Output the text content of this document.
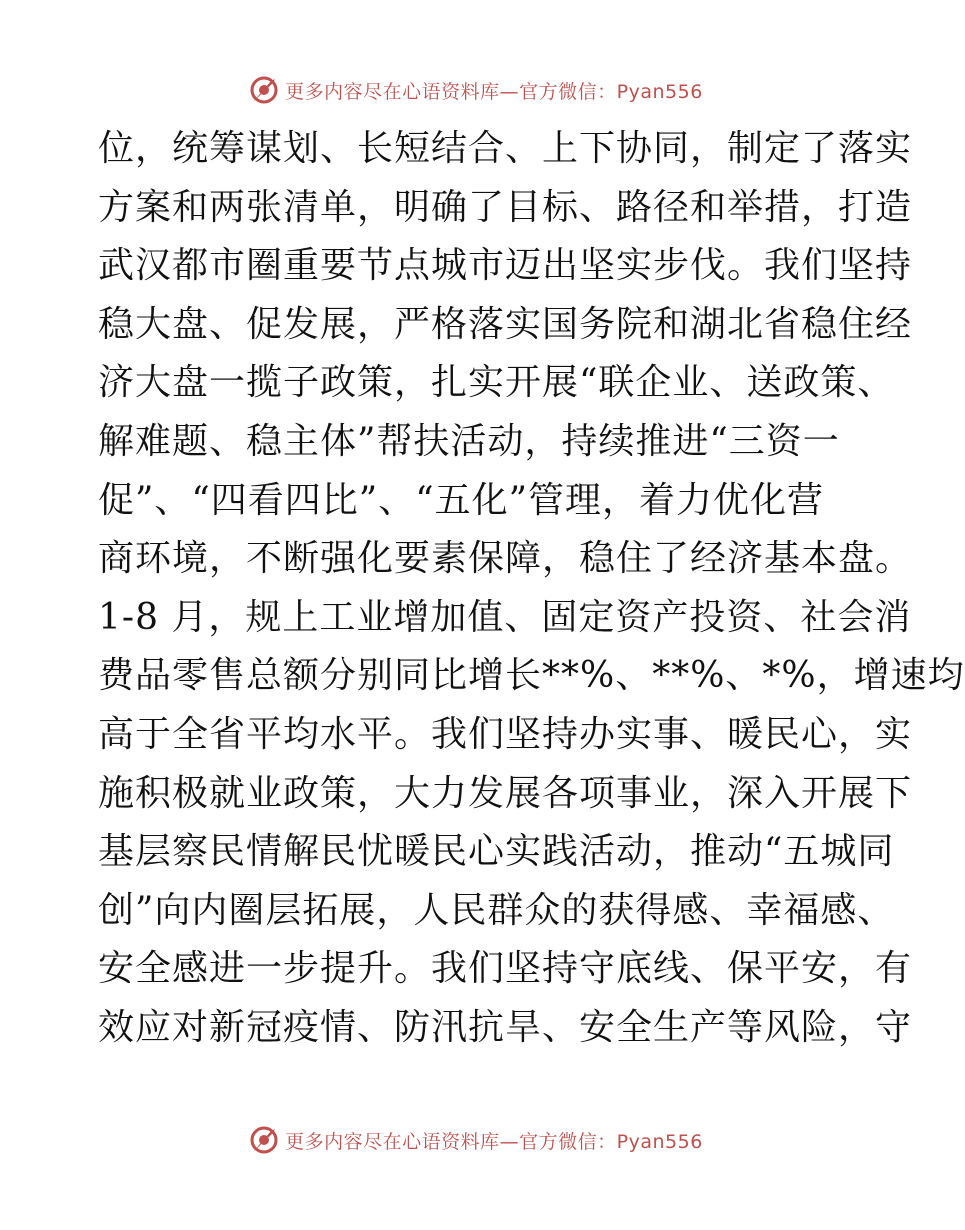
更多内容尽在心语资料库—官方微信：Pyan556
位，统筹谋划、长短结合、上下协同，制定了落实
方案和两张清单，明确了目标、路径和举措，打造
武汉都市圈重要节点城市迈出坚实步伐。我们坚持
稳大盘、促发展，严格落实国务院和湖北省稳住经
济大盘一揽子政策，扎实开展“联企业、送政策、
解难题、稳主体”帮扶活动，持续推进“三资一
促”、“四看四比”、“五化”管理，着力优化营
商环境，不断强化要素保障，稳住了经济基本盘。
1-8 月，规上工业增加值、固定资产投资、社会消
费品零售总额分别同比增长**%、**%、*%，增速均
高于全省平均水平。我们坚持办实事、暖民心，实
施积极就业政策，大力发展各项事业，深入开展下
基层察民情解民忧暖民心实践活动，推动“五城同
创”向内圈层拓展，人民群众的获得感、幸福感、
安全感进一步提升。我们坚持守底线、保平安，有
效应对新冠疫情、防汛抗旱、安全生产等风险，守
更多内容尽在心语资料库—官方微信：Pyan556
